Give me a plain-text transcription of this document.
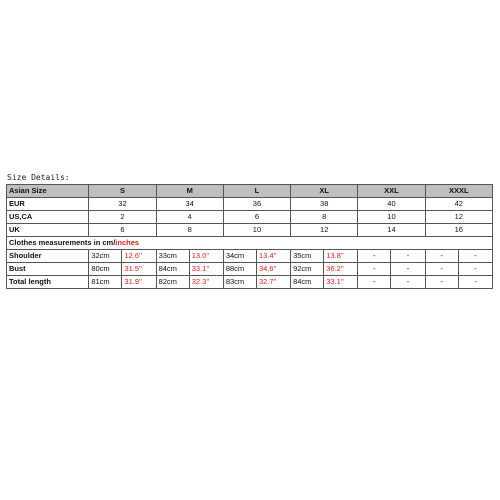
Size Details:
Asian Size	S		M		L		XL		XXL		XXXL	
EUR	32		34		36		38		40		42	
US,CA	2		4		6		8		10		12	
UK	6		8		10		12		14		16	
Clothes measurements in cm/inches												
Shoulder	32cm	12.6''	33cm	13.0''	34cm	13.4''	35cm	13.8''	-	-	-	-
Bust	80cm	31.5''	84cm	33.1''	88cm	34.6''	92cm	36.2''	-	-	-	-
Total length	81cm	31.9''	82cm	32.3''	83cm	32.7''	84cm	33.1''	-	-	-	-
